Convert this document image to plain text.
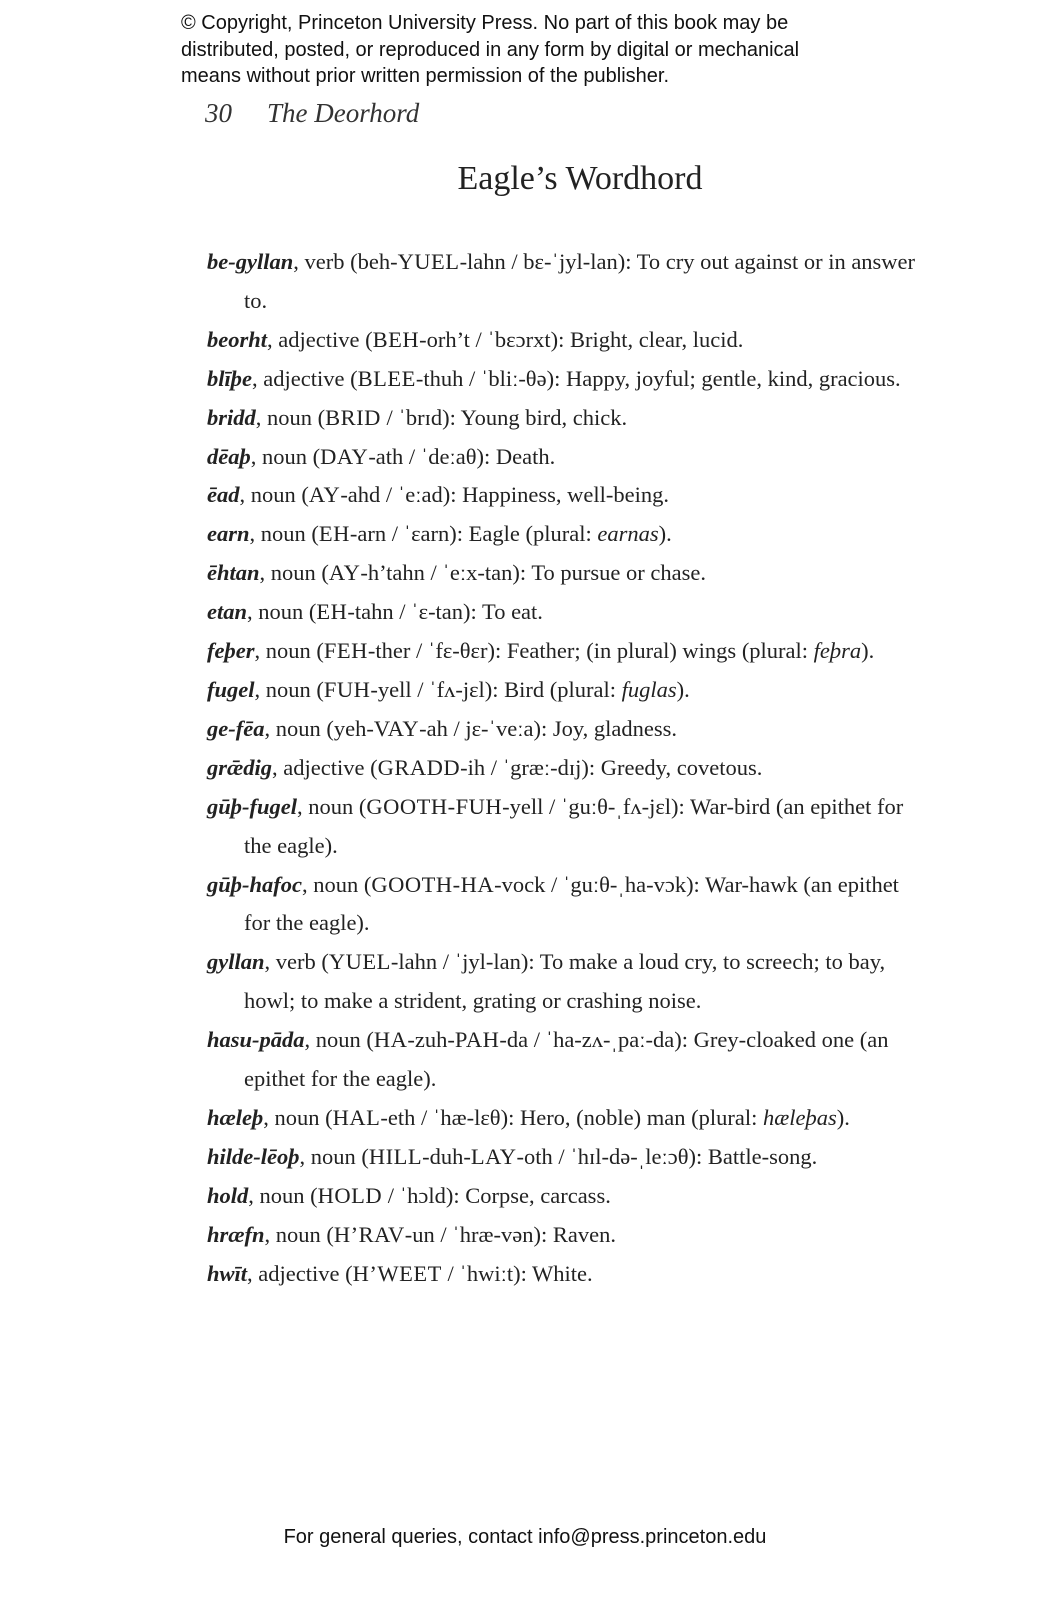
© Copyright, Princeton University Press. No part of this book may be
distributed, posted, or reproduced in any form by digital or mechanical
means without prior written permission of the publisher.
30 The Deorhord
Eagle’s Wordhord
be-gyllan, verb (beh-YUEL-lahn / bɛ-ˈjyl-lan): To cry out against or in answer to.
beorht, adjective (BEH-orh’t / ˈbɛɔrxt): Bright, clear, lucid.
blīþe, adjective (BLEE-thuh / ˈbliː-θə): Happy, joyful; gentle, kind, gracious.
bridd, noun (BRID / ˈbrɪd): Young bird, chick.
dēaþ, noun (DAY-ath / ˈdeːaθ): Death.
ēad, noun (AY-ahd / ˈeːad): Happiness, well-being.
earn, noun (EH-arn / ˈɛarn): Eagle (plural: earnas).
ēhtan, noun (AY-h’tahn / ˈeːx-tan): To pursue or chase.
etan, noun (EH-tahn / ˈɛ-tan): To eat.
feþer, noun (FEH-ther / ˈfɛ-θɛr): Feather; (in plural) wings (plural: feþra).
fugel, noun (FUH-yell / ˈfʌ-jɛl): Bird (plural: fuglas).
ge-fēa, noun (yeh-VAY-ah / jɛ-ˈveːa): Joy, gladness.
grǣdig, adjective (GRADD-ih / ˈgræː-dɪj): Greedy, covetous.
gūþ-fugel, noun (GOOTH-FUH-yell / ˈguːθ-ˌfʌ-jɛl): War-bird (an epithet for the eagle).
gūþ-hafoc, noun (GOOTH-HA-vock / ˈguːθ-ˌha-vɔk): War-hawk (an epithet for the eagle).
gyllan, verb (YUEL-lahn / ˈjyl-lan): To make a loud cry, to screech; to bay, howl; to make a strident, grating or crashing noise.
hasu-pāda, noun (HA-zuh-PAH-da / ˈha-zʌ-ˌpaː-da): Grey-cloaked one (an epithet for the eagle).
hæleþ, noun (HAL-eth / ˈhæ-lɛθ): Hero, (noble) man (plural: hæleþas).
hilde-lēoþ, noun (HILL-duh-LAY-oth / ˈhɪl-də-ˌleːɔθ): Battle-song.
hold, noun (HOLD / ˈhɔld): Corpse, carcass.
hræfn, noun (H’RAV-un / ˈhræ-vən): Raven.
hwīt, adjective (H’WEET / ˈhwiːt): White.
For general queries, contact info@press.princeton.edu
